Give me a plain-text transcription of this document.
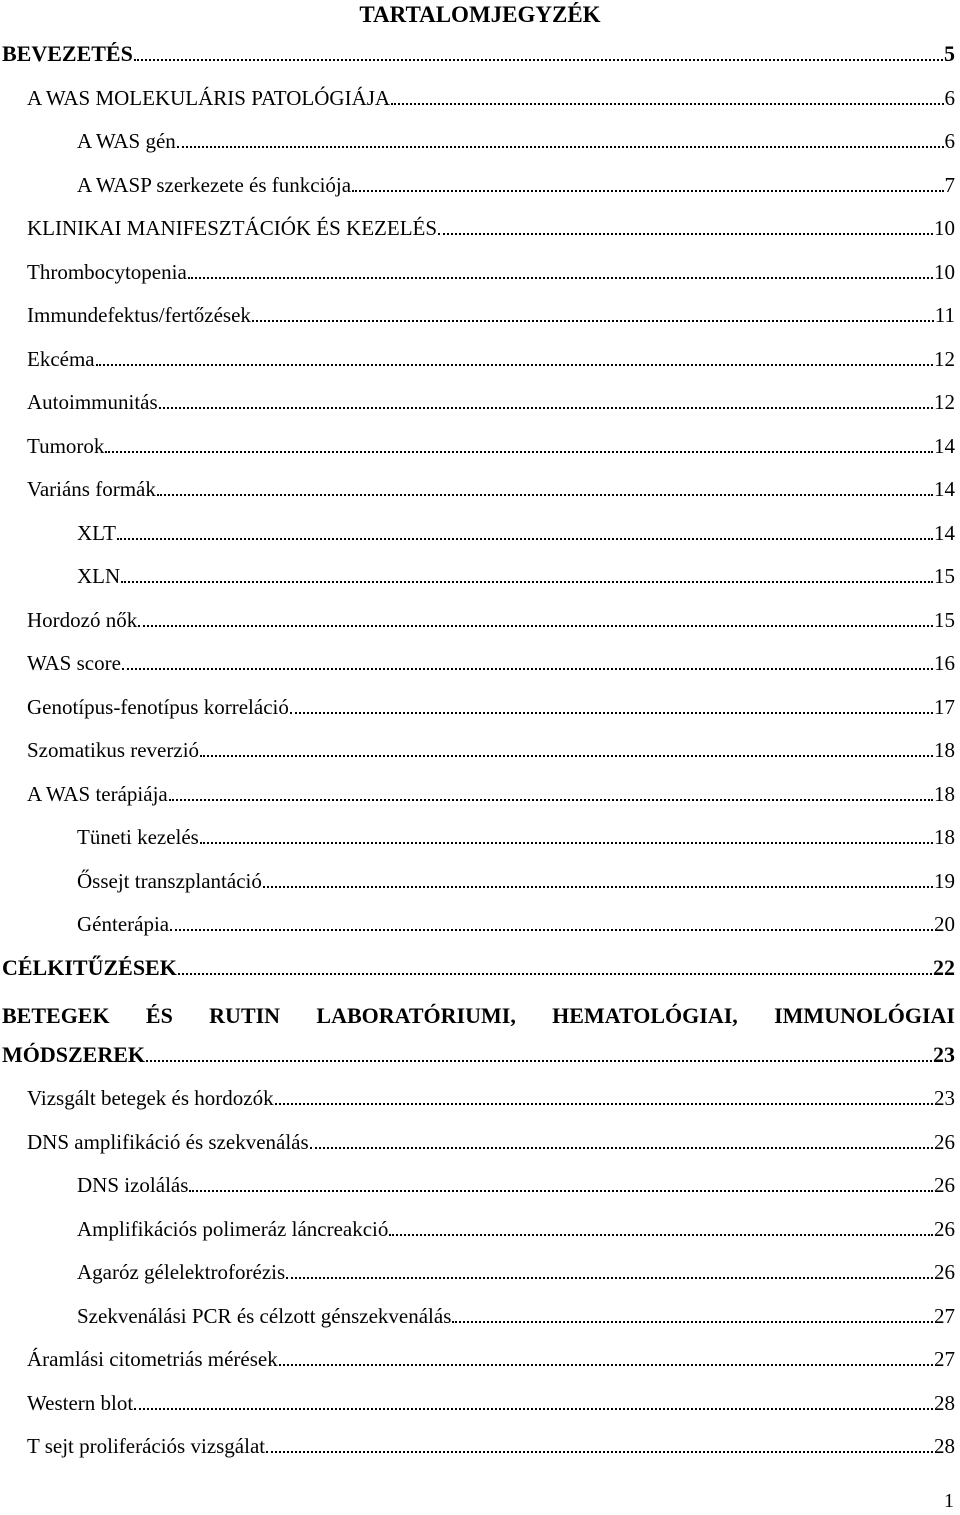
TARTALOMJEGYZÉK
BEVEZETÉS	5
A WAS MOLEKULÁRIS PATOLÓGIÁJA	6
A WAS gén	6
A WASP szerkezete és funkciója	7
KLINIKAI MANIFESZTÁCIÓK ÉS KEZELÉS	10
Thrombocytopenia	10
Immundefektus/fertőzések	11
Ekcéma	12
Autoimmunitás	12
Tumorok	14
Variáns formák	14
XLT	14
XLN	15
Hordozó nők	15
WAS score	16
Genotípus-fenotípus korreláció	17
Szomatikus reverzió	18
A WAS terápiája	18
Tüneti kezelés	18
Őssejt transzplantáció	19
Génterápia	20
CÉLKITŰZÉSEK	22
BETEGEK ÉS RUTIN LABORATÓRIUMI, HEMATOLÓGIAI, IMMUNOLÓGIAI
MÓDSZEREK	23
Vizsgált betegek és hordozók	23
DNS amplifikáció és szekvenálás	26
DNS izolálás	26
Amplifikációs polimeráz láncreakció	26
Agaróz gélelektroforézis	26
Szekvenálási PCR és célzott génszekvenálás	27
Áramlási citometriás mérések	27
Western blot	28
T sejt proliferációs vizsgálat	28
1
